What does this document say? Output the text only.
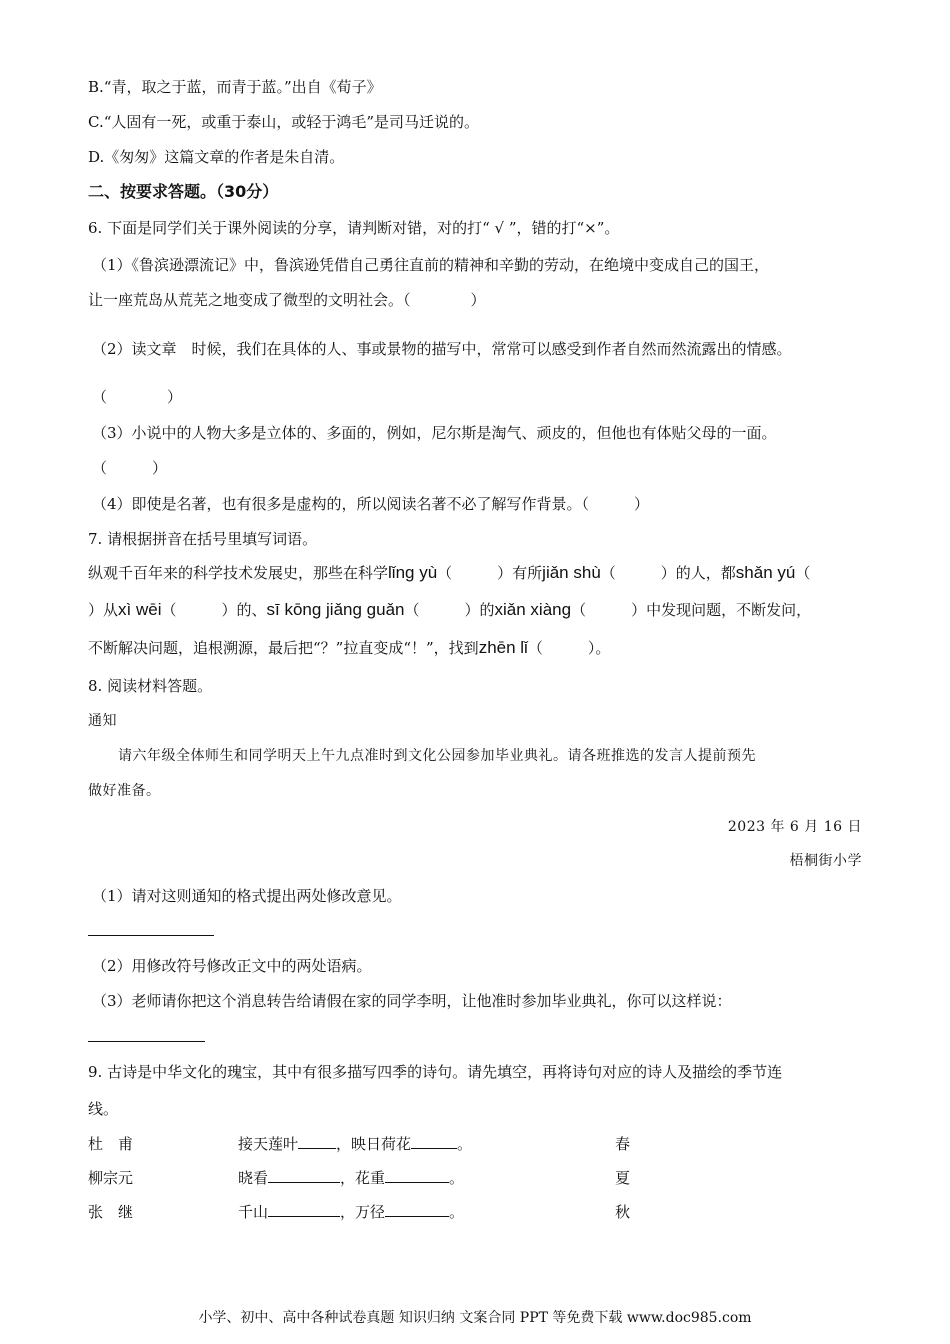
B.“青，取之于蓝，而青于蓝。”出自《荀子》
C.“人固有一死，或重于泰山，或轻于鸿毛”是司马迁说的。
D.《匆匆》这篇文章的作者是朱自清。
二、按要求答题。（30分）
6. 下面是同学们关于课外阅读的分享，请判断对错，对的打“ √ ”，错的打“×”。
（1）《鲁滨逊漂流记》中，鲁滨逊凭借自己勇往直前的精神和辛勤的劳动，在绝境中变成自己的国王，
让一座荒岛从荒芜之地变成了微型的文明社会。（　　　　）
（2）读文章　时候，我们在具体的人、事或景物的描写中，常常可以感受到作者自然而然流露出的情感。
（　　　　）
（3）小说中的人物大多是立体的、多面的，例如，尼尔斯是淘气、顽皮的，但他也有体贴父母的一面。
（　　　）
（4）即使是名著，也有很多是虚构的，所以阅读名著不必了解写作背景。（　　　）
7. 请根据拼音在括号里填写词语。
纵观千百年来的科学技术发展史，那些在科学lǐng yù（　　　）有所jiǎn shù（　　　）的人，都shǎn yú（
）从xì wēi（　　　）的、sī kōng jiǎng guǎn（　　　）的xiǎn xiàng（　　　）中发现问题，不断发问，
不断解决问题，追根溯源，最后把“？”拉直变成“！”，找到zhēn lǐ（　　　）。
8. 阅读材料答题。
通知
请六年级全体师生和同学明天上午九点准时到文化公园参加毕业典礼。请各班推选的发言人提前预先
做好准备。
2023 年 6 月 16 日
梧桐街小学
（1）请对这则通知的格式提出两处修改意见。
（2）用修改符号修改正文中的两处语病。
（3）老师请你把这个消息转告给请假在家的同学李明，让他准时参加毕业典礼，你可以这样说：
9. 古诗是中华文化的瑰宝，其中有很多描写四季的诗句。请先填空，再将诗句对应的诗人及描绘的季节连
线。
杜　甫	接天莲叶	，映日荷花	。	春
柳宗元	晓看	，花重	。	夏
张　继	千山	，万径	。	秋
小学、初中、高中各种试卷真题 知识归纳 文案合同 PPT 等免费下载 www.doc985.com
